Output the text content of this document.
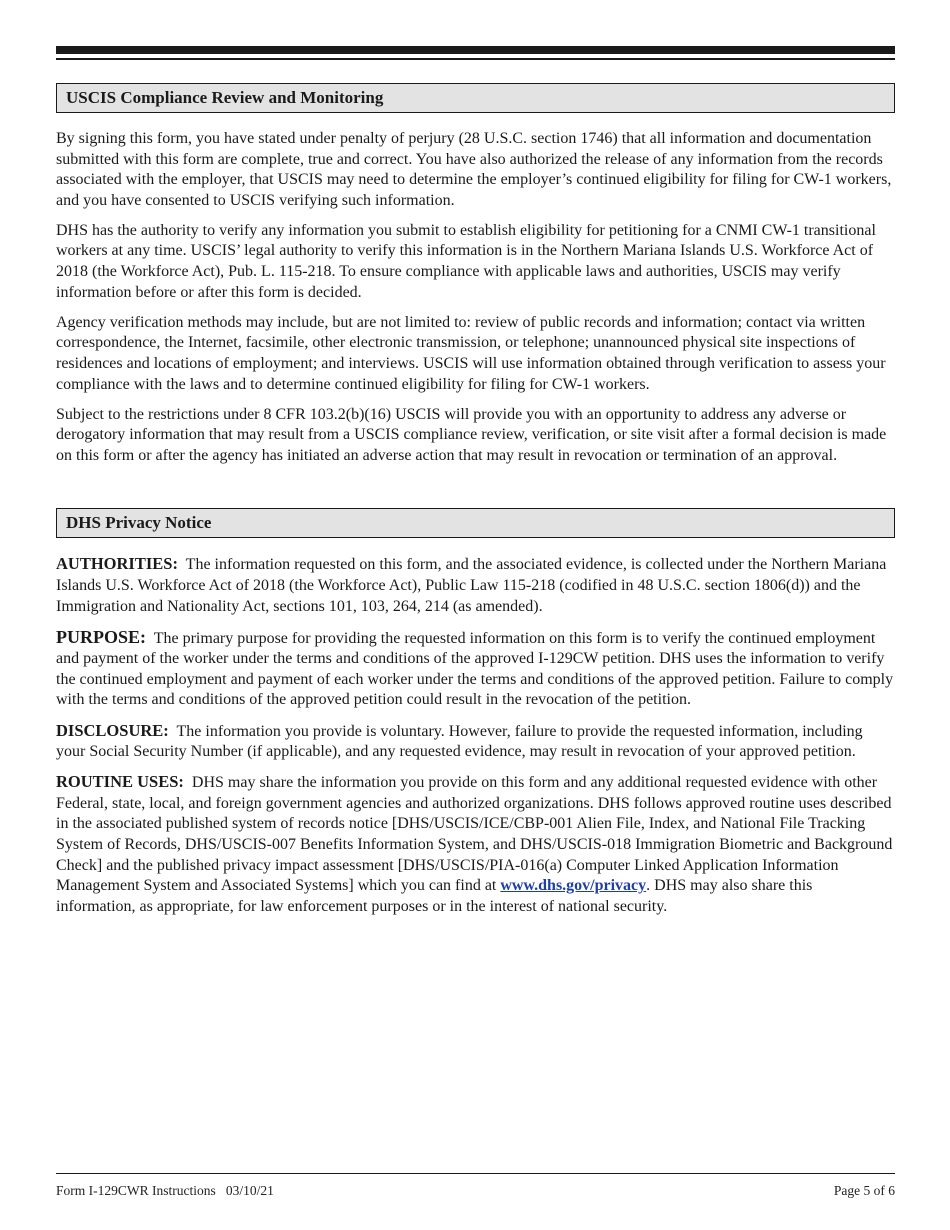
USCIS Compliance Review and Monitoring

By signing this form, you have stated under penalty of perjury (28 U.S.C. section 1746) that all information and documentation submitted with this form are complete, true and correct. You have also authorized the release of any information from the records associated with the employer, that USCIS may need to determine the employer’s continued eligibility for filing for CW-1 workers, and you have consented to USCIS verifying such information.

DHS has the authority to verify any information you submit to establish eligibility for petitioning for a CNMI CW-1 transitional workers at any time. USCIS’ legal authority to verify this information is in the Northern Mariana Islands U.S. Workforce Act of 2018 (the Workforce Act), Pub. L. 115-218. To ensure compliance with applicable laws and authorities, USCIS may verify information before or after this form is decided.

Agency verification methods may include, but are not limited to: review of public records and information; contact via written correspondence, the Internet, facsimile, other electronic transmission, or telephone; unannounced physical site inspections of residences and locations of employment; and interviews. USCIS will use information obtained through verification to assess your compliance with the laws and to determine continued eligibility for filing for CW-1 workers.

Subject to the restrictions under 8 CFR 103.2(b)(16) USCIS will provide you with an opportunity to address any adverse or derogatory information that may result from a USCIS compliance review, verification, or site visit after a formal decision is made on this form or after the agency has initiated an adverse action that may result in revocation or termination of an approval.

DHS Privacy Notice

AUTHORITIES: The information requested on this form, and the associated evidence, is collected under the Northern Mariana Islands U.S. Workforce Act of 2018 (the Workforce Act), Public Law 115-218 (codified in 48 U.S.C. section 1806(d)) and the Immigration and Nationality Act, sections 101, 103, 264, 214 (as amended).

PURPOSE: The primary purpose for providing the requested information on this form is to verify the continued employment and payment of the worker under the terms and conditions of the approved I-129CW petition. DHS uses the information to verify the continued employment and payment of each worker under the terms and conditions of the approved petition. Failure to comply with the terms and conditions of the approved petition could result in the revocation of the petition.

DISCLOSURE: The information you provide is voluntary. However, failure to provide the requested information, including your Social Security Number (if applicable), and any requested evidence, may result in revocation of your approved petition.

ROUTINE USES: DHS may share the information you provide on this form and any additional requested evidence with other Federal, state, local, and foreign government agencies and authorized organizations. DHS follows approved routine uses described in the associated published system of records notice [DHS/USCIS/ICE/CBP-001 Alien File, Index, and National File Tracking System of Records, DHS/USCIS-007 Benefits Information System, and DHS/USCIS-018 Immigration Biometric and Background Check] and the published privacy impact assessment [DHS/USCIS/PIA-016(a) Computer Linked Application Information Management System and Associated Systems] which you can find at www.dhs.gov/privacy. DHS may also share this information, as appropriate, for law enforcement purposes or in the interest of national security.

Form I-129CWR Instructions   03/10/21	Page 5 of 6
